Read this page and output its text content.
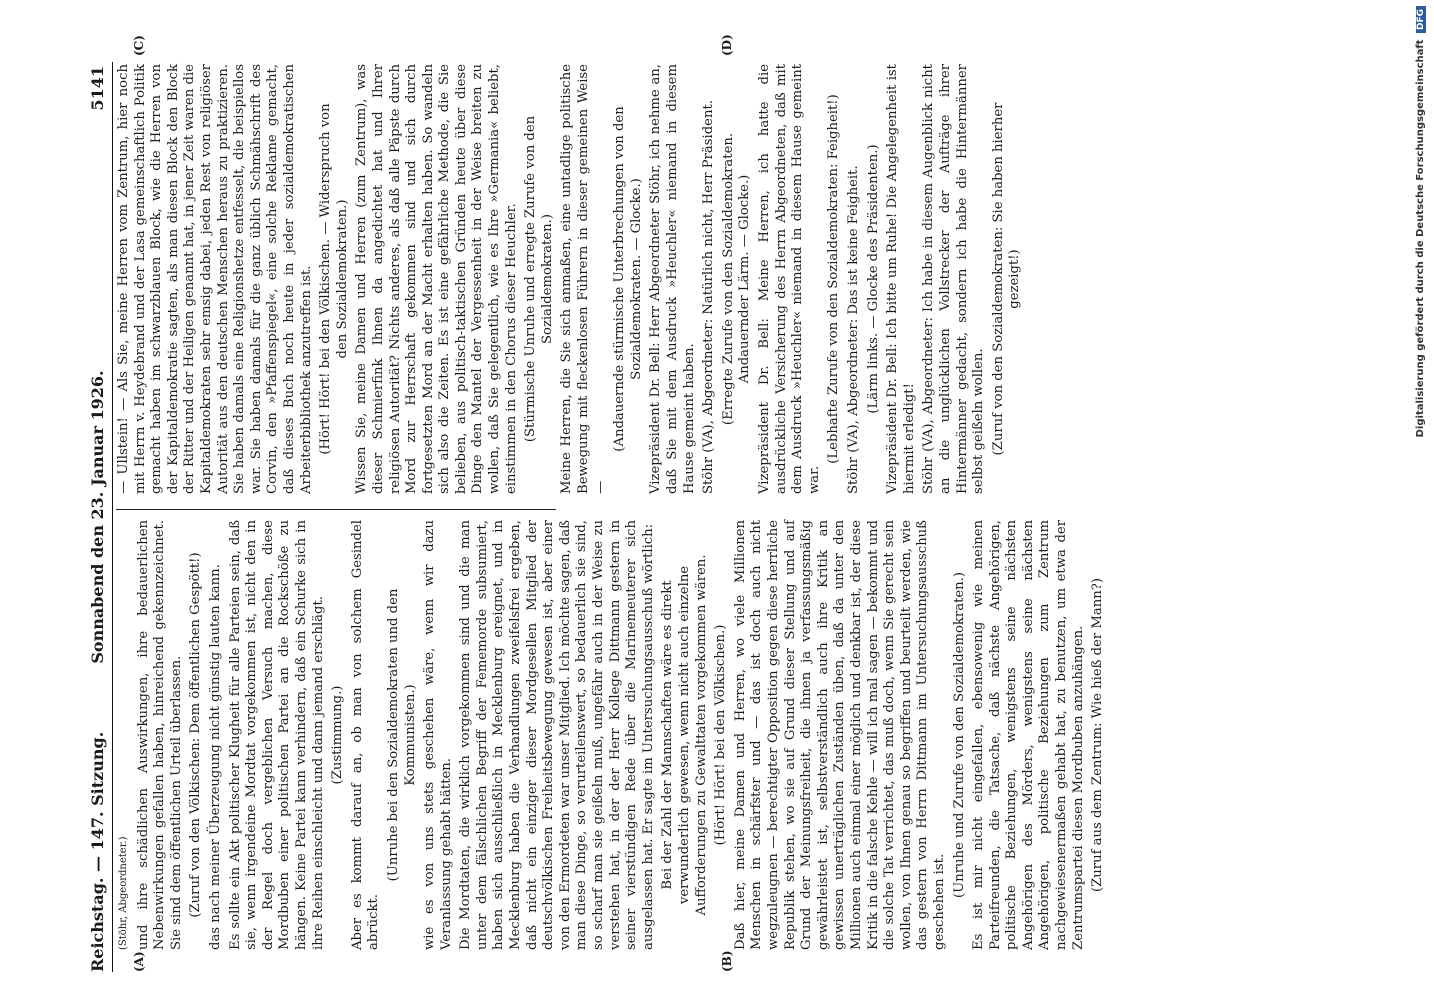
Reichstag. — 147. Sitzung.
Sonnabend den 23. Januar 1926.
5141
(A)	(B)
(C)	(D)

(Stöhr, Abgeordneter.) und ihre schädlichen Auswirkungen, ihre bedauerlichen Nebenwirkungen gefallen haben, hinreichend gekennzeichnet. Sie sind dem öffentlichen Urteil überlassen. (Zuruf von den Völkischen: Dem öffentlichen Gespött!) das nach meiner Überzeugung nicht günstig lauten kann. Es sollte ein Akt politischer Klugheit für alle Parteien sein, daß sie, wenn irgendeine Mordtat vorgekommen ist, nicht den in der Regel doch vergeblichen Versuch machen, diese Mordbuben einer politischen Partei an die Rockschöße zu hängen. Keine Partei kann verhindern, daß ein Schurke sich in ihre Reihen einschleicht und dann jemand erschlägt. (Zustimmung.) Aber es kommt darauf an, ob man von solchem Gesindel abrückt.

(Unruhe bei den Sozialdemokraten und den Kommunisten.) wie es von uns stets geschehen wäre, wenn wir dazu Veranlassung gehabt hätten. Die Mordtaten, die wirklich vorgekommen sind und die man unter dem fälschlichen Begriff der Fememorde subsumiert, haben sich ausschließlich in Mecklenburg ereignet, und in Mecklenburg haben die Verhandlungen zweifelsfrei ergeben, daß nicht ein einziger dieser Mordgesellen Mitglied der deutschvölkischen Freiheitsbewegung gewesen ist, aber einer von den Ermordeten war unser Mitglied. Ich möchte sagen, daß man diese Dinge, so verurteilenswert, so bedauerlich sie sind, so scharf man sie geißeln muß, ungefähr auch in der Weise zu verstehen hat, in der der Herr Kollege Dittmann gestern in seiner vierstündigen Rede über die Marinemeuterer sich ausgelassen hat. Er sagte im Untersuchungsausschuß wörtlich: Bei der Zahl der Mannschaften wäre es direkt verwunderlich gewesen, wenn nicht auch einzelne Aufforderungen zu Gewalttaten vorgekommen wären. (Hört! Hört! bei den Völkischen.) Daß hier, meine Damen und Herren, wo viele Millionen Menschen in schärfster und — das ist doch auch nicht wegzuleugnen — berechtigter Opposition gegen diese herrliche Republik stehen, wo sie auf Grund dieser Stellung und auf Grund der Meinungsfreiheit, die ihnen ja verfassungsmäßig gewährleistet ist, selbstverständlich auch ihre Kritik an gewissen unerträglichen Zuständen üben, daß da unter den Millionen auch einmal einer möglich und denkbar ist, der diese Kritik in die falsche Kehle — will ich mal sagen — bekommt und die solche Tat verrichtet, das muß doch, wenn Sie gerecht sein wollen, von Ihnen genau so begriffen und beurteilt werden, wie das gestern von Herrn Dittmann im Untersuchungsausschuß geschehen ist.

(Unruhe und Zurufe von den Sozialdemokraten.) Es ist mir nicht eingefallen, ebensowenig wie meinen Parteifreunden, die Tatsache, daß nächste Angehörigen, politische Beziehungen, wenigstens seine nächsten Angehörigen des Mörders, wenigstens seine nächsten Angehörigen, politische Beziehungen zum Zentrum nachgewiesenermaßen gehabt hat, zu benutzen, um etwa der Zentrumspartei diesen Mordbuben anzuhängen. (Zuruf aus dem Zentrum: Wie hieß der Mann?)

— Ullstein! — Als Sie, meine Herren vom Zentrum, hier noch mit Herrn v. Heydebrand und der Lasa gemeinschaftlich Politik gemacht haben im schwarzblauen Block, wie die Herren von der Kapitaldemokratie sagten, als man diesen Block den Block der Ritter und der Heiligen genannt hat, in jener Zeit waren die Kapitaldemokraten sehr emsig dabei, jeden Rest von religiöser Autorität aus den deutschen Menschen heraus zu praktizieren. Sie haben damals eine Religionshetze entfesselt, die beispiellos war. Sie haben damals für die ganz üblich Schmähschrift des Corvin, den »Pfaffenspiegel«, eine solche Reklame gemacht, daß dieses Buch noch heute in jeder sozialdemokratischen Arbeiterbibliothek anzutreffen ist. (Hört! Hört! bei den Völkischen. — Widerspruch von den Sozialdemokraten.) Wissen Sie, meine Damen und Herren (zum Zentrum), was dieser Schmierfink Ihnen da angedichtet hat und Ihrer religiösen Autorität? Nichts anderes, als daß alle Päpste durch Mord zur Herrschaft gekommen sind und sich durch fortgesetzten Mord an der Macht erhalten haben. So wandeln sich also die Zeiten. Es ist eine gefährliche Methode, die Sie belieben, aus politisch-taktischen Gründen heute über diese Dinge den Mantel der Vergessenheit in der Weise breiten zu wollen, daß Sie gelegentlich, wie es Ihre »Germania« beliebt, einstimmen in den Chorus dieser Heuchler. (Stürmische Unruhe und erregte Zurufe von den Sozialdemokraten.) Meine Herren, die Sie sich anmaßen, eine untadlige politische Bewegung mit fleckenlosen Führern in dieser gemeinen Weise —

(Andauernde stürmische Unterbrechungen von den Sozialdemokraten. — Glocke.) Vizepräsident Dr. Bell: Herr Abgeordneter Stöhr, ich nehme an, daß Sie mit dem Ausdruck »Heuchler« niemand in diesem Hause gemeint haben. Stöhr (VA), Abgeordneter: Natürlich nicht, Herr Präsident. (Erregte Zurufe von den Sozialdemokraten. Andauernder Lärm. — Glocke.) Vizepräsident Dr. Bell: Meine Herren, ich hatte die ausdrückliche Versicherung des Herrn Abgeordneten, daß mit dem Ausdruck »Heuchler« niemand in diesem Hause gemeint war.

(Lebhafte Zurufe von den Sozialdemokraten: Feigheit!) Stöhr (VA), Abgeordneter: Das ist keine Feigheit. (Lärm links. — Glocke des Präsidenten.) Vizepräsident Dr. Bell: Ich bitte um Ruhe! Die Angelegenheit ist hiermit erledigt! Stöhr (VA), Abgeordneter: Ich habe in diesem Augenblick nicht an die unglücklichen Vollstrecker der Aufträge ihrer Hintermänner gedacht, sondern ich habe die Hintermänner selbst geißeln wollen. (Zuruf von den Sozialdemokraten: Sie haben hierher gezeigt!)	Digitalisierung gefördert durch die Deutsche Forschungsgemeinschaft DFG
